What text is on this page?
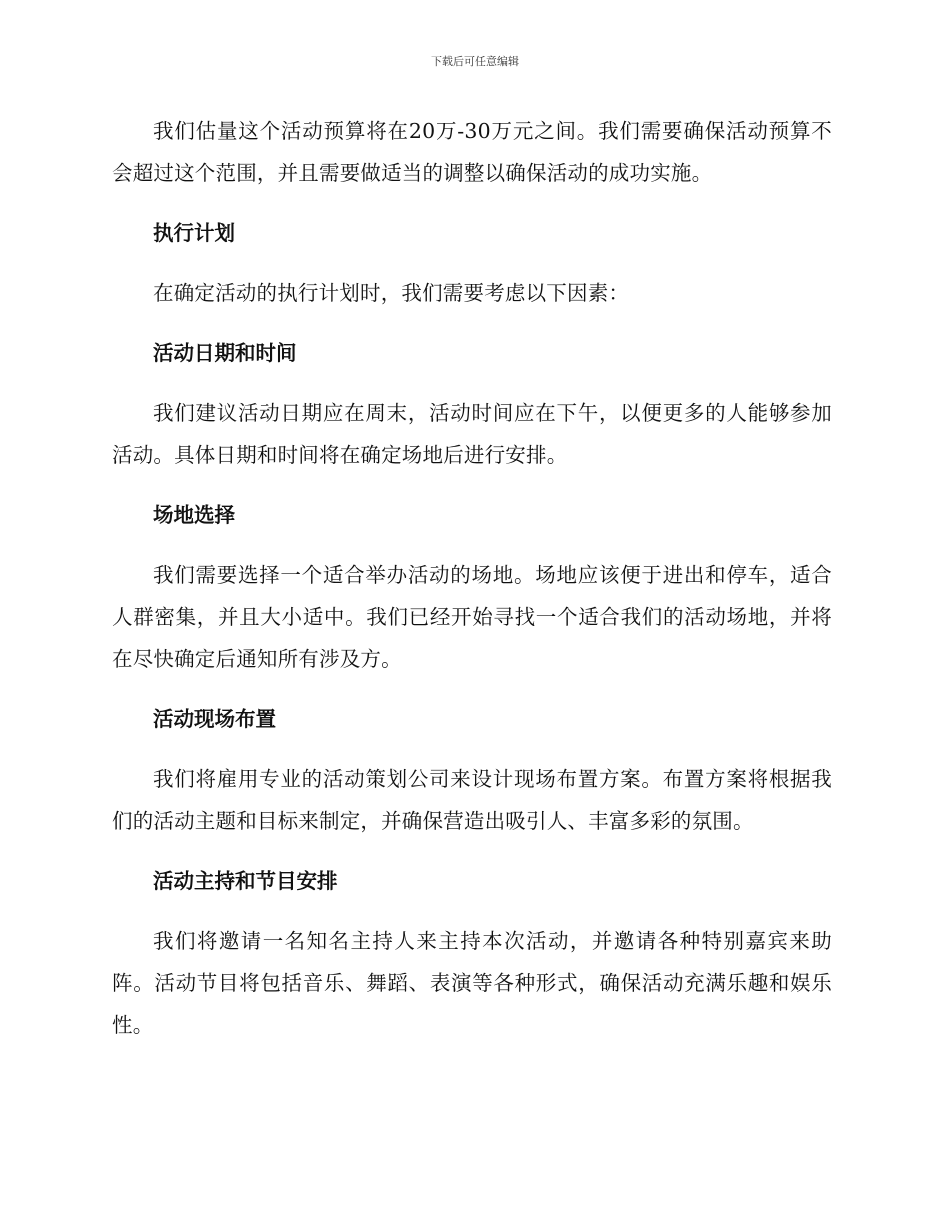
下载后可任意编辑

我们估量这个活动预算将在20万-30万元之间。我们需要确保活动预算不会超过这个范围，并且需要做适当的调整以确保活动的成功实施。

执行计划

在确定活动的执行计划时，我们需要考虑以下因素：

活动日期和时间

我们建议活动日期应在周末，活动时间应在下午，以便更多的人能够参加活动。具体日期和时间将在确定场地后进行安排。

场地选择

我们需要选择一个适合举办活动的场地。场地应该便于进出和停车，适合人群密集，并且大小适中。我们已经开始寻找一个适合我们的活动场地，并将在尽快确定后通知所有涉及方。

活动现场布置

我们将雇用专业的活动策划公司来设计现场布置方案。布置方案将根据我们的活动主题和目标来制定，并确保营造出吸引人、丰富多彩的氛围。

活动主持和节目安排

我们将邀请一名知名主持人来主持本次活动，并邀请各种特别嘉宾来助阵。活动节目将包括音乐、舞蹈、表演等各种形式，确保活动充满乐趣和娱乐性。
